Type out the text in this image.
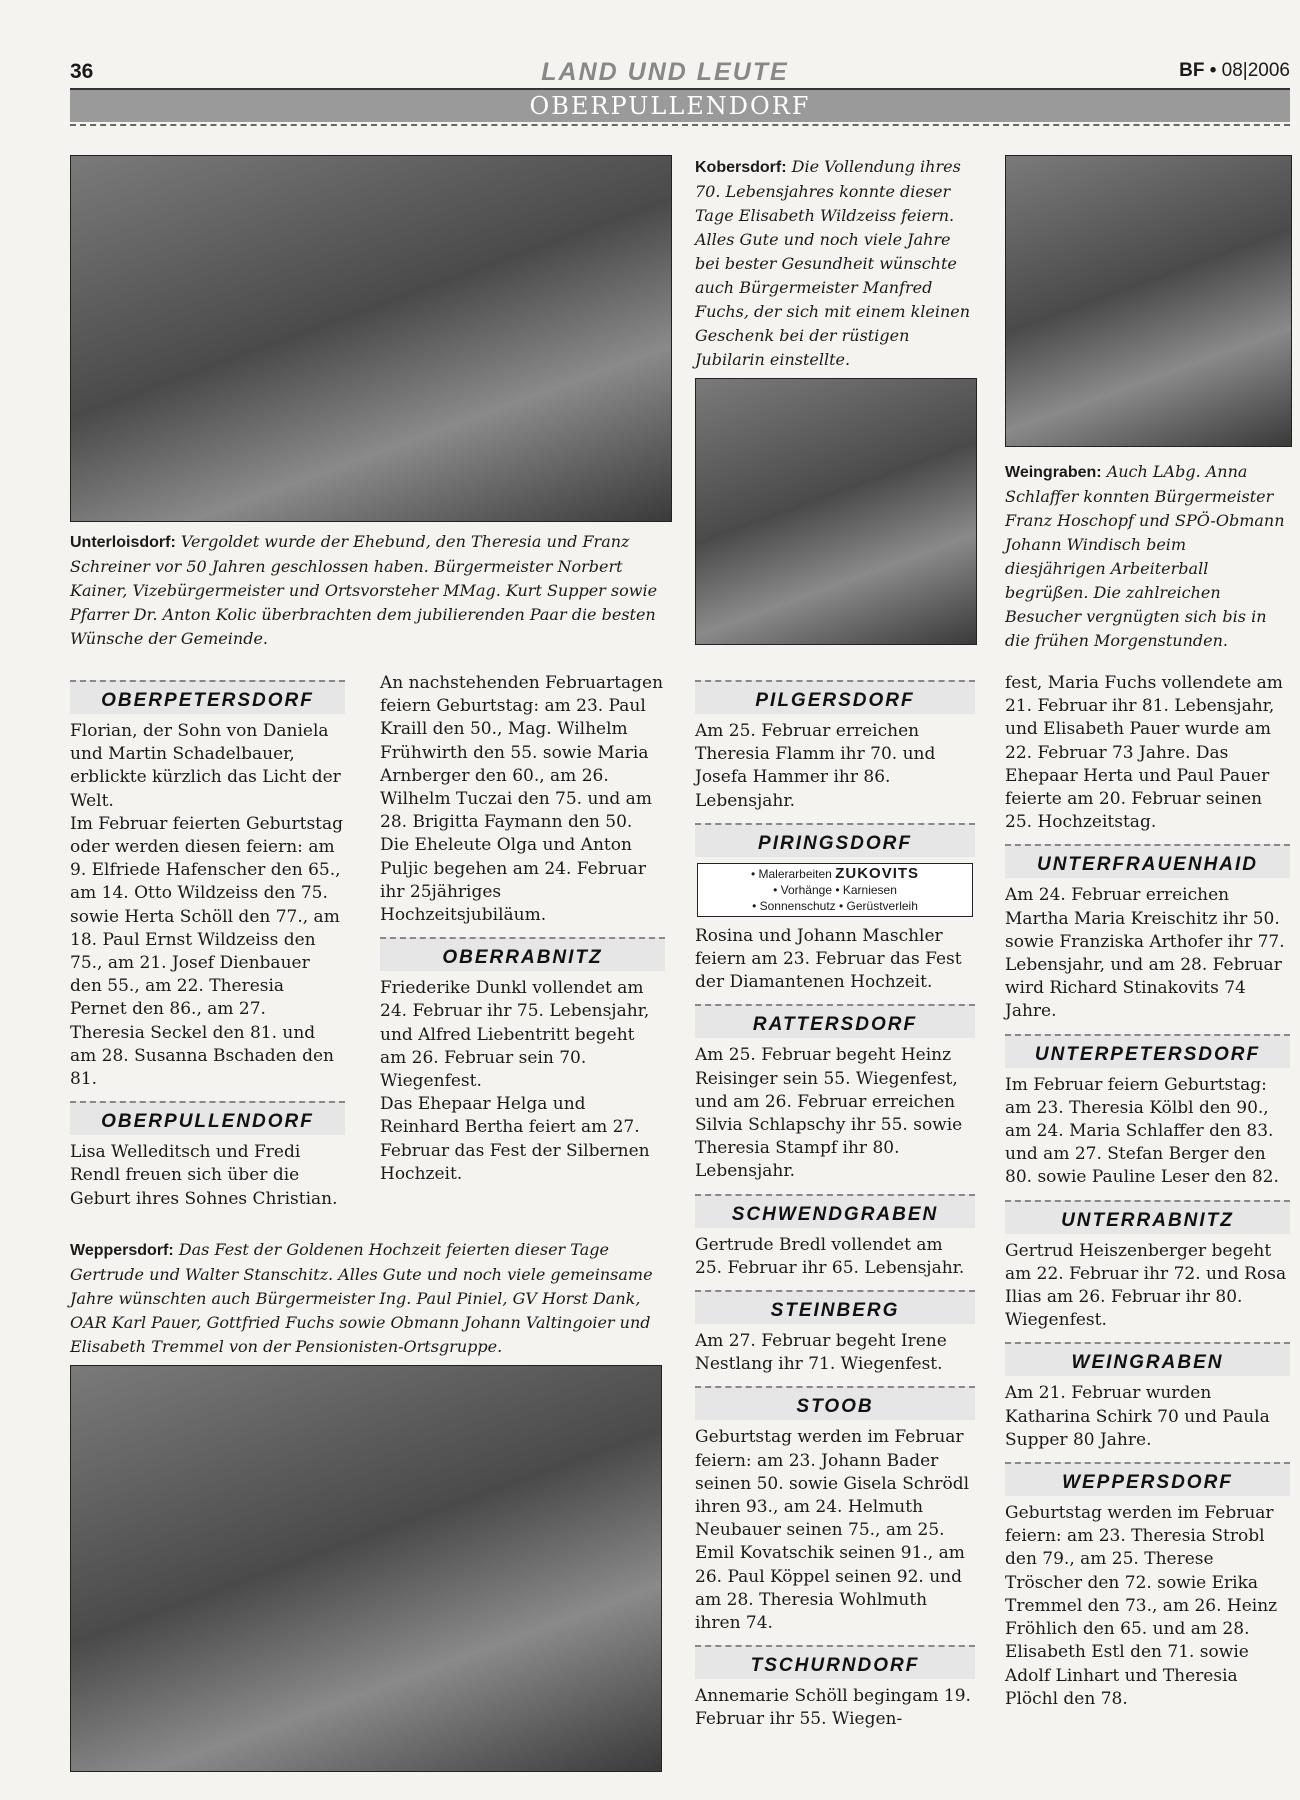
36	LAND UND LEUTE	BF • 08|2006
OBERPULLENDORF
Unterloisdorf: Vergoldet wurde der Ehebund, den Theresia und Franz Schreiner vor 50 Jahren geschlossen haben. Bürgermeister Norbert Kainer, Vizebürgermeister und Ortsvorsteher MMag. Kurt Supper sowie Pfarrer Dr. Anton Kolic überbrachten dem jubilierenden Paar die besten Wünsche der Gemeinde.
Kobersdorf: Die Vollendung ihres 70. Lebensjahres konnte dieser Tage Elisabeth Wildzeiss feiern. Alles Gute und noch viele Jahre bei bester Gesundheit wünschte auch Bürgermeister Manfred Fuchs, der sich mit einem kleinen Geschenk bei der rüstigen Jubilarin einstellte.
Weingraben: Auch LAbg. Anna Schlaffer konnten Bürgermeister Franz Hoschopf und SPÖ-Obmann Johann Windisch beim diesjährigen Arbeiterball begrüßen. Die zahlreichen Besucher vergnügten sich bis in die frühen Morgenstunden.
Weppersdorf: Das Fest der Goldenen Hochzeit feierten dieser Tage Gertrude und Walter Stanschitz. Alles Gute und noch viele gemeinsame Jahre wünschten auch Bürgermeister Ing. Paul Piniel, GV Horst Dank, OAR Karl Pauer, Gottfried Fuchs sowie Obmann Johann Valtingoier und Elisabeth Tremmel von der Pensionisten-Ortsgruppe.
OBERPETERSDORF

Florian, der Sohn von Daniela und Martin Schadelbauer, erblickte kürzlich das Licht der Welt.

Im Februar feierten Geburtstag oder werden diesen feiern: am 9. Elfriede Hafenscher den 65., am 14. Otto Wildzeiss den 75. sowie Herta Schöll den 77., am 18. Paul Ernst Wildzeiss den 75., am 21. Josef Dienbauer den 55., am 22. Theresia Pernet den 86., am 27. Theresia Seckel den 81. und am 28. Susanna Bschaden den 81.

OBERPULLENDORF

Lisa Welleditsch und Fredi Rendl freuen sich über die Geburt ihres Sohnes Christian.

An nachstehenden Februartagen feiern Geburtstag: am 23. Paul Kraill den 50., Mag. Wilhelm Frühwirth den 55. sowie Maria Arnberger den 60., am 26. Wilhelm Tuczai den 75. und am 28. Brigitta Faymann den 50.

Die Eheleute Olga und Anton Puljic begehen am 24. Februar ihr 25jähriges Hochzeitsjubiläum.

OBERRABNITZ

Friederike Dunkl vollendet am 24. Februar ihr 75. Lebensjahr, und Alfred Liebentritt begeht am 26. Februar sein 70. Wiegenfest.

Das Ehepaar Helga und Reinhard Bertha feiert am 27. Februar das Fest der Silbernen Hochzeit.

PILGERSDORF

Am 25. Februar erreichen Theresia Flamm ihr 70. und Josefa Hammer ihr 86. Lebensjahr.

PIRINGSDORF
• Malerarbeiten ZUKOVITS
• Vorhänge • Karniesen
• Sonnenschutz • Gerüstverleih

Rosina und Johann Maschler feiern am 23. Februar das Fest der Diamantenen Hochzeit.

RATTERSDORF

Am 25. Februar begeht Heinz Reisinger sein 55. Wiegenfest, und am 26. Februar erreichen Silvia Schlapschy ihr 55. sowie Theresia Stampf ihr 80. Lebensjahr.

SCHWENDGRABEN

Gertrude Bredl vollendet am 25. Februar ihr 65. Lebensjahr.

STEINBERG

Am 27. Februar begeht Irene Nestlang ihr 71. Wiegenfest.

STOOB

Geburtstag werden im Februar feiern: am 23. Johann Bader seinen 50. sowie Gisela Schrödl ihren 93., am 24. Helmuth Neubauer seinen 75., am 25. Emil Kovatschik seinen 91., am 26. Paul Köppel seinen 92. und am 28. Theresia Wohlmuth ihren 74.

TSCHURNDORF

Annemarie Schöll begingam 19. Februar ihr 55. Wiegen-

fest, Maria Fuchs vollendete am 21. Februar ihr 81. Lebensjahr, und Elisabeth Pauer wurde am 22. Februar 73 Jahre. Das Ehepaar Herta und Paul Pauer feierte am 20. Februar seinen 25. Hochzeitstag.

UNTERFRAUENHAID

Am 24. Februar erreichen Martha Maria Kreischitz ihr 50. sowie Franziska Arthofer ihr 77. Lebensjahr, und am 28. Februar wird Richard Stinakovits 74 Jahre.

UNTERPETERSDORF

Im Februar feiern Geburtstag: am 23. Theresia Kölbl den 90., am 24. Maria Schlaffer den 83. und am 27. Stefan Berger den 80. sowie Pauline Leser den 82.

UNTERRABNITZ

Gertrud Heiszenberger begeht am 22. Februar ihr 72. und Rosa Ilias am 26. Februar ihr 80. Wiegenfest.

WEINGRABEN

Am 21. Februar wurden Katharina Schirk 70 und Paula Supper 80 Jahre.

WEPPERSDORF

Geburtstag werden im Februar feiern: am 23. Theresia Strobl den 79., am 25. Therese Tröscher den 72. sowie Erika Tremmel den 73., am 26. Heinz Fröhlich den 65. und am 28. Elisabeth Estl den 71. sowie Adolf Linhart und Theresia Plöchl den 78.
